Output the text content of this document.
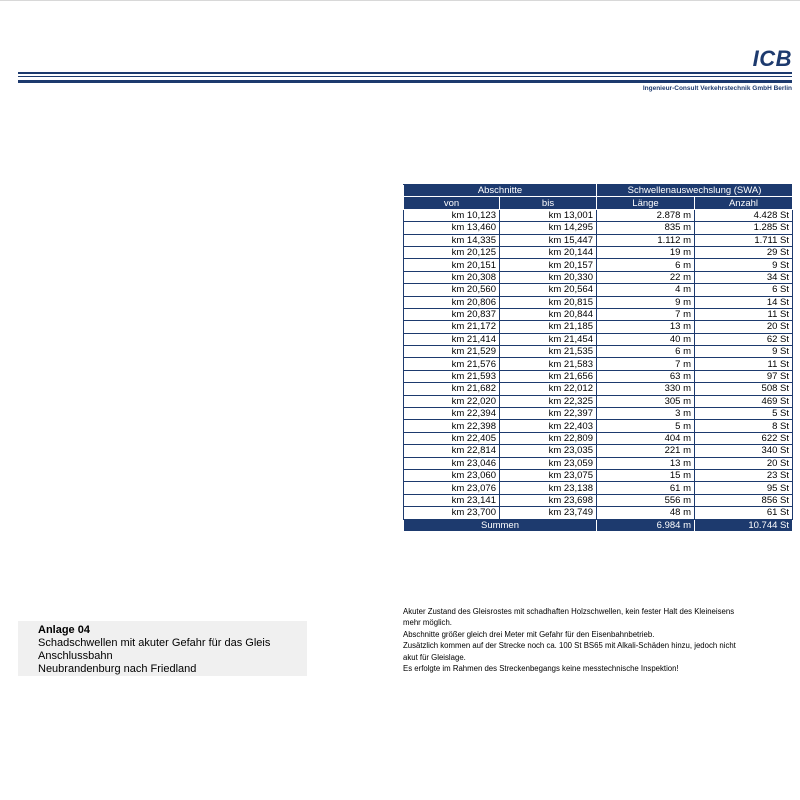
ICB
Ingenieur-Consult Verkehrstechnik GmbH Berlin
Abschnitte		Schwellenauswechslung (SWA)	
von	bis	Länge	Anzahl
km 10,123	km 13,001	2.878 m	4.428 St
km 13,460	km 14,295	835 m	1.285 St
km 14,335	km 15,447	1.112 m	1.711 St
km 20,125	km 20,144	19 m	29 St
km 20,151	km 20,157	6 m	9 St
km 20,308	km 20,330	22 m	34 St
km 20,560	km 20,564	4 m	6 St
km 20,806	km 20,815	9 m	14 St
km 20,837	km 20,844	7 m	11 St
km 21,172	km 21,185	13 m	20 St
km 21,414	km 21,454	40 m	62 St
km 21,529	km 21,535	6 m	9 St
km 21,576	km 21,583	7 m	11 St
km 21,593	km 21,656	63 m	97 St
km 21,682	km 22,012	330 m	508 St
km 22,020	km 22,325	305 m	469 St
km 22,394	km 22,397	3 m	5 St
km 22,398	km 22,403	5 m	8 St
km 22,405	km 22,809	404 m	622 St
km 22,814	km 23,035	221 m	340 St
km 23,046	km 23,059	13 m	20 St
km 23,060	km 23,075	15 m	23 St
km 23,076	km 23,138	61 m	95 St
km 23,141	km 23,698	556 m	856 St
km 23,700	km 23,749	48 m	61 St
Summen		6.984 m	10.744 St
Anlage 04
Schadschwellen mit akuter Gefahr für das Gleis
Anschlussbahn
Neubrandenburg nach Friedland
Akuter Zustand des Gleisrostes mit schadhaften Holzschwellen, kein fester Halt des Kleineisens
mehr möglich.
Abschnitte größer gleich drei Meter mit Gefahr für den Eisenbahnbetrieb.
Zusätzlich kommen auf der Strecke noch ca. 100 St BS65 mit Alkali-Schäden hinzu, jedoch nicht
akut für Gleislage.
Es erfolgte im Rahmen des Streckenbegangs keine messtechnische Inspektion!
